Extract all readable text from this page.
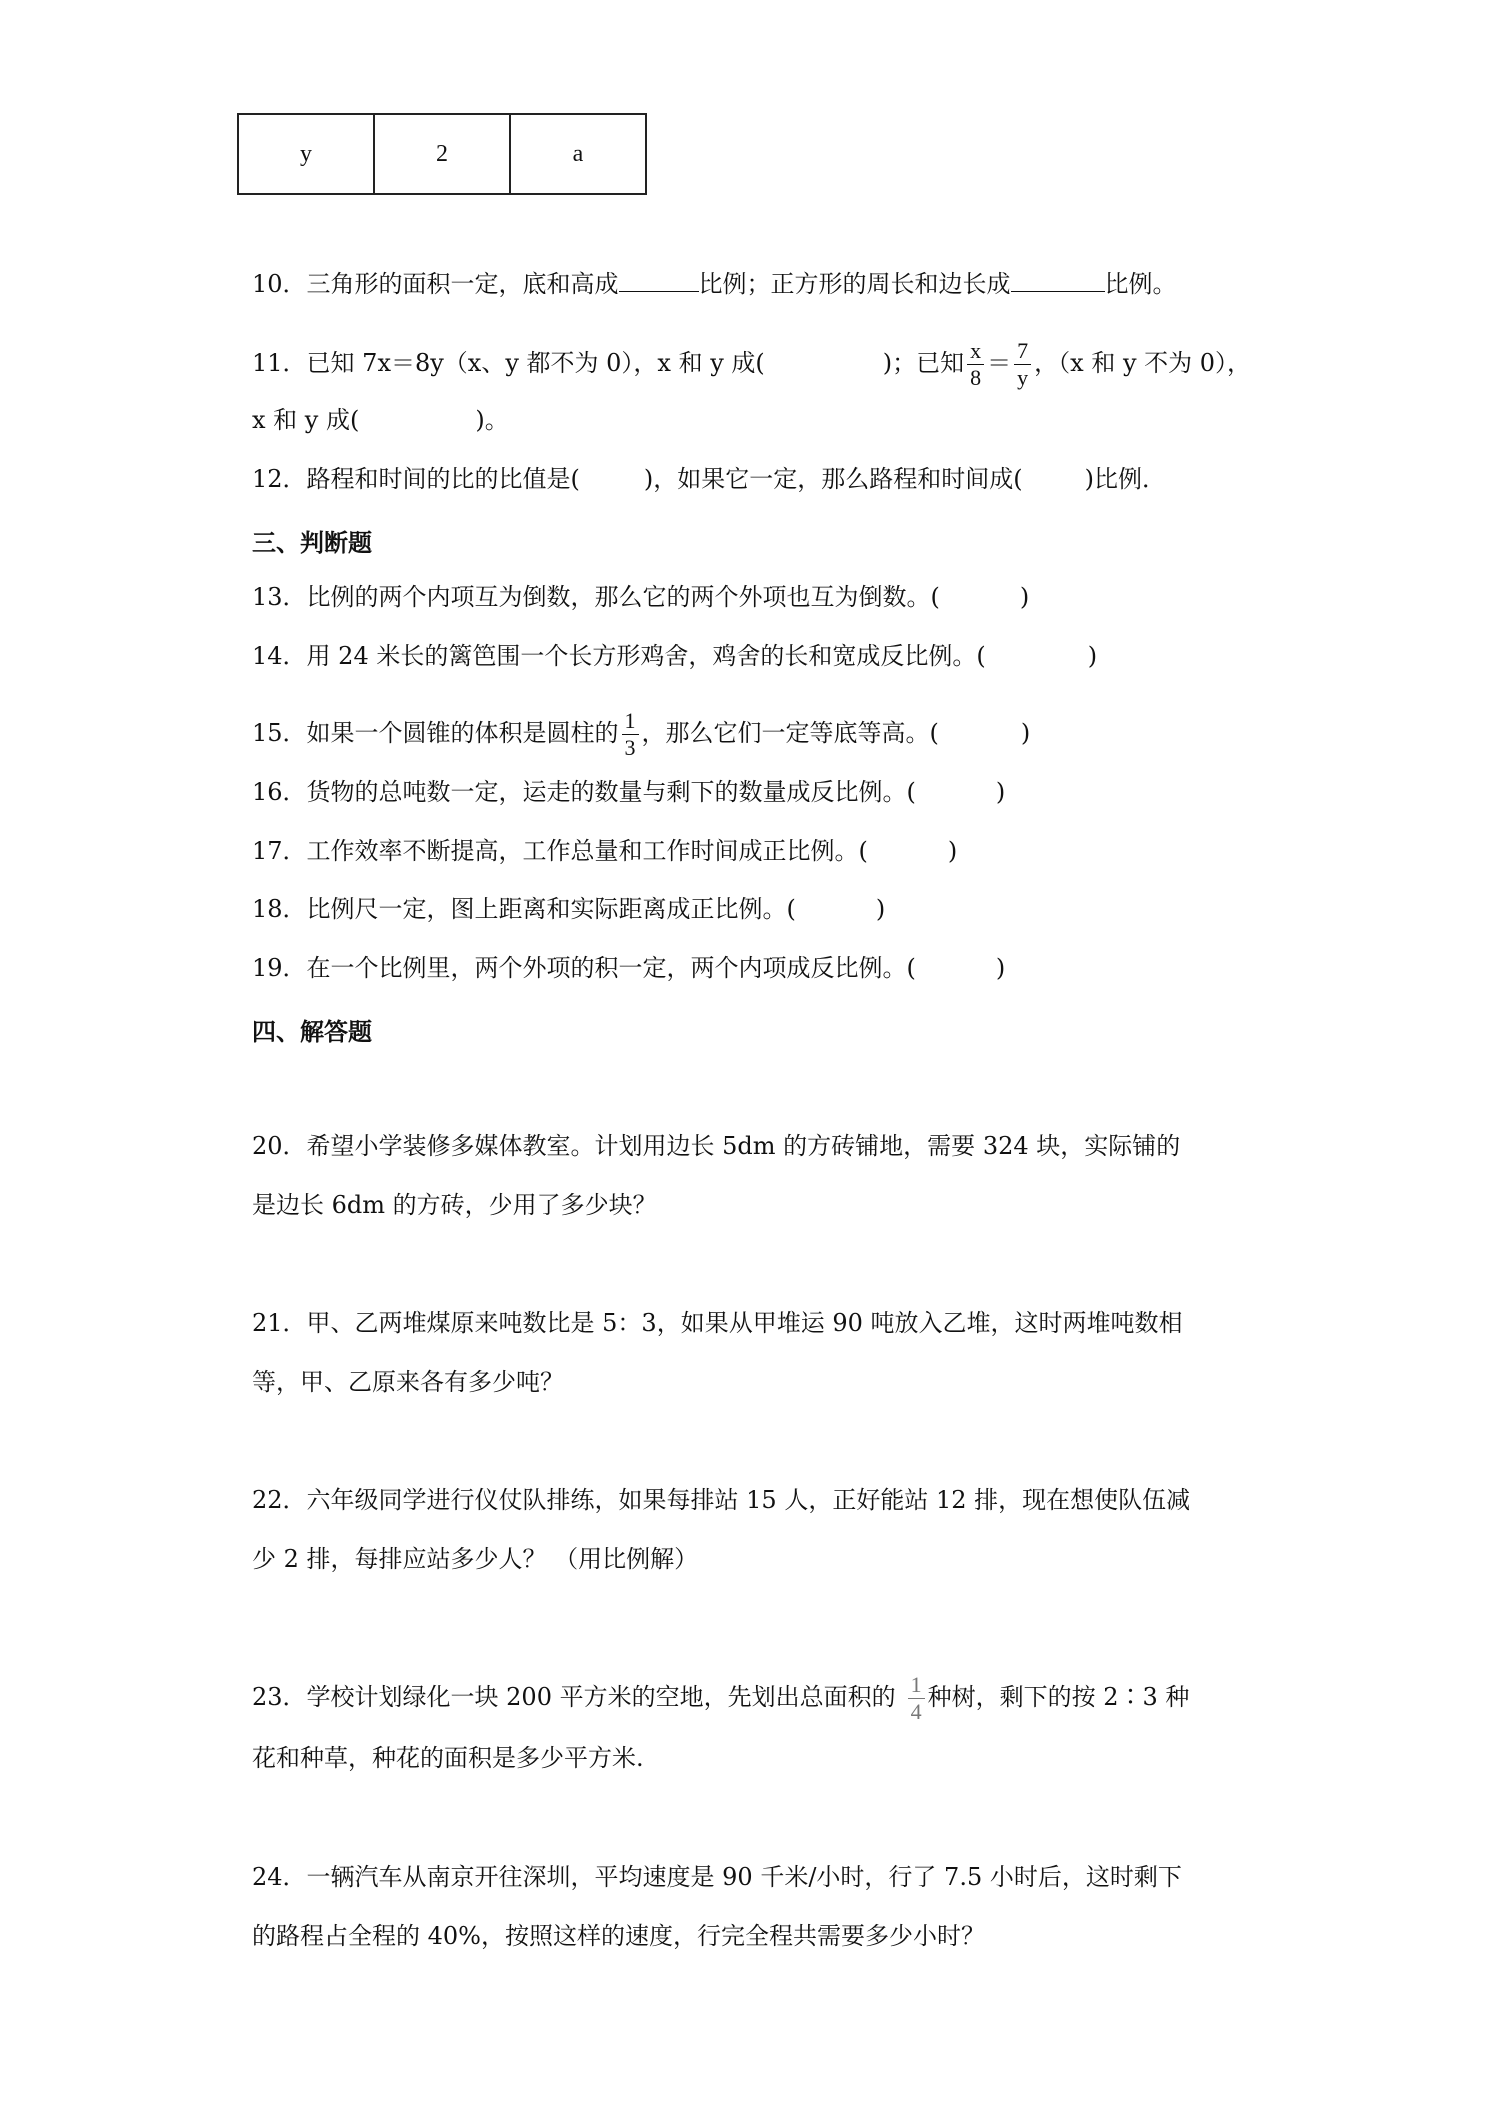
y	2	a
10．三角形的面积一定，底和高成	比例；正方形的周长和边长成	比例。
11．已知 7x＝8y（x、y 都不为 0），x 和 y 成(	)；已知 $\frac{x}{8} = \frac{7}{y}$ ，（x 和 y 不为 0），
x 和 y 成(	)。
12．路程和时间的比的比值是(	)，如果它一定，那么路程和时间成(	)比例．
三、判断题
13．比例的两个内项互为倒数，那么它的两个外项也互为倒数。(	)
14．用 24 米长的篱笆围一个长方形鸡舍，鸡舍的长和宽成反比例。(	)
15．如果一个圆锥的体积是圆柱的 $\frac{1}{3}$ ，那么它们一定等底等高。(	)
16．货物的总吨数一定，运走的数量与剩下的数量成反比例。(	)
17．工作效率不断提高，工作总量和工作时间成正比例。(	)
18．比例尺一定，图上距离和实际距离成正比例。(	)
19．在一个比例里，两个外项的积一定，两个内项成反比例。(	)
四、解答题
20．希望小学装修多媒体教室。计划用边长 5dm 的方砖铺地，需要 324 块，实际铺的
是边长 6dm 的方砖，少用了多少块？
21．甲、乙两堆煤原来吨数比是 5：3，如果从甲堆运 90 吨放入乙堆，这时两堆吨数相
等，甲、乙原来各有多少吨？
22．六年级同学进行仪仗队排练，如果每排站 15 人，正好能站 12 排，现在想使队伍减
少 2 排，每排应站多少人？ （用比例解）
23．学校计划绿化一块 200 平方米的空地，先划出总面积的 $\frac{1}{4}$ 种树，剩下的按 2∶3 种
花和种草，种花的面积是多少平方米.
24．一辆汽车从南京开往深圳，平均速度是 90 千米/小时，行了 7.5 小时后，这时剩下
的路程占全程的 40%，按照这样的速度，行完全程共需要多少小时？
